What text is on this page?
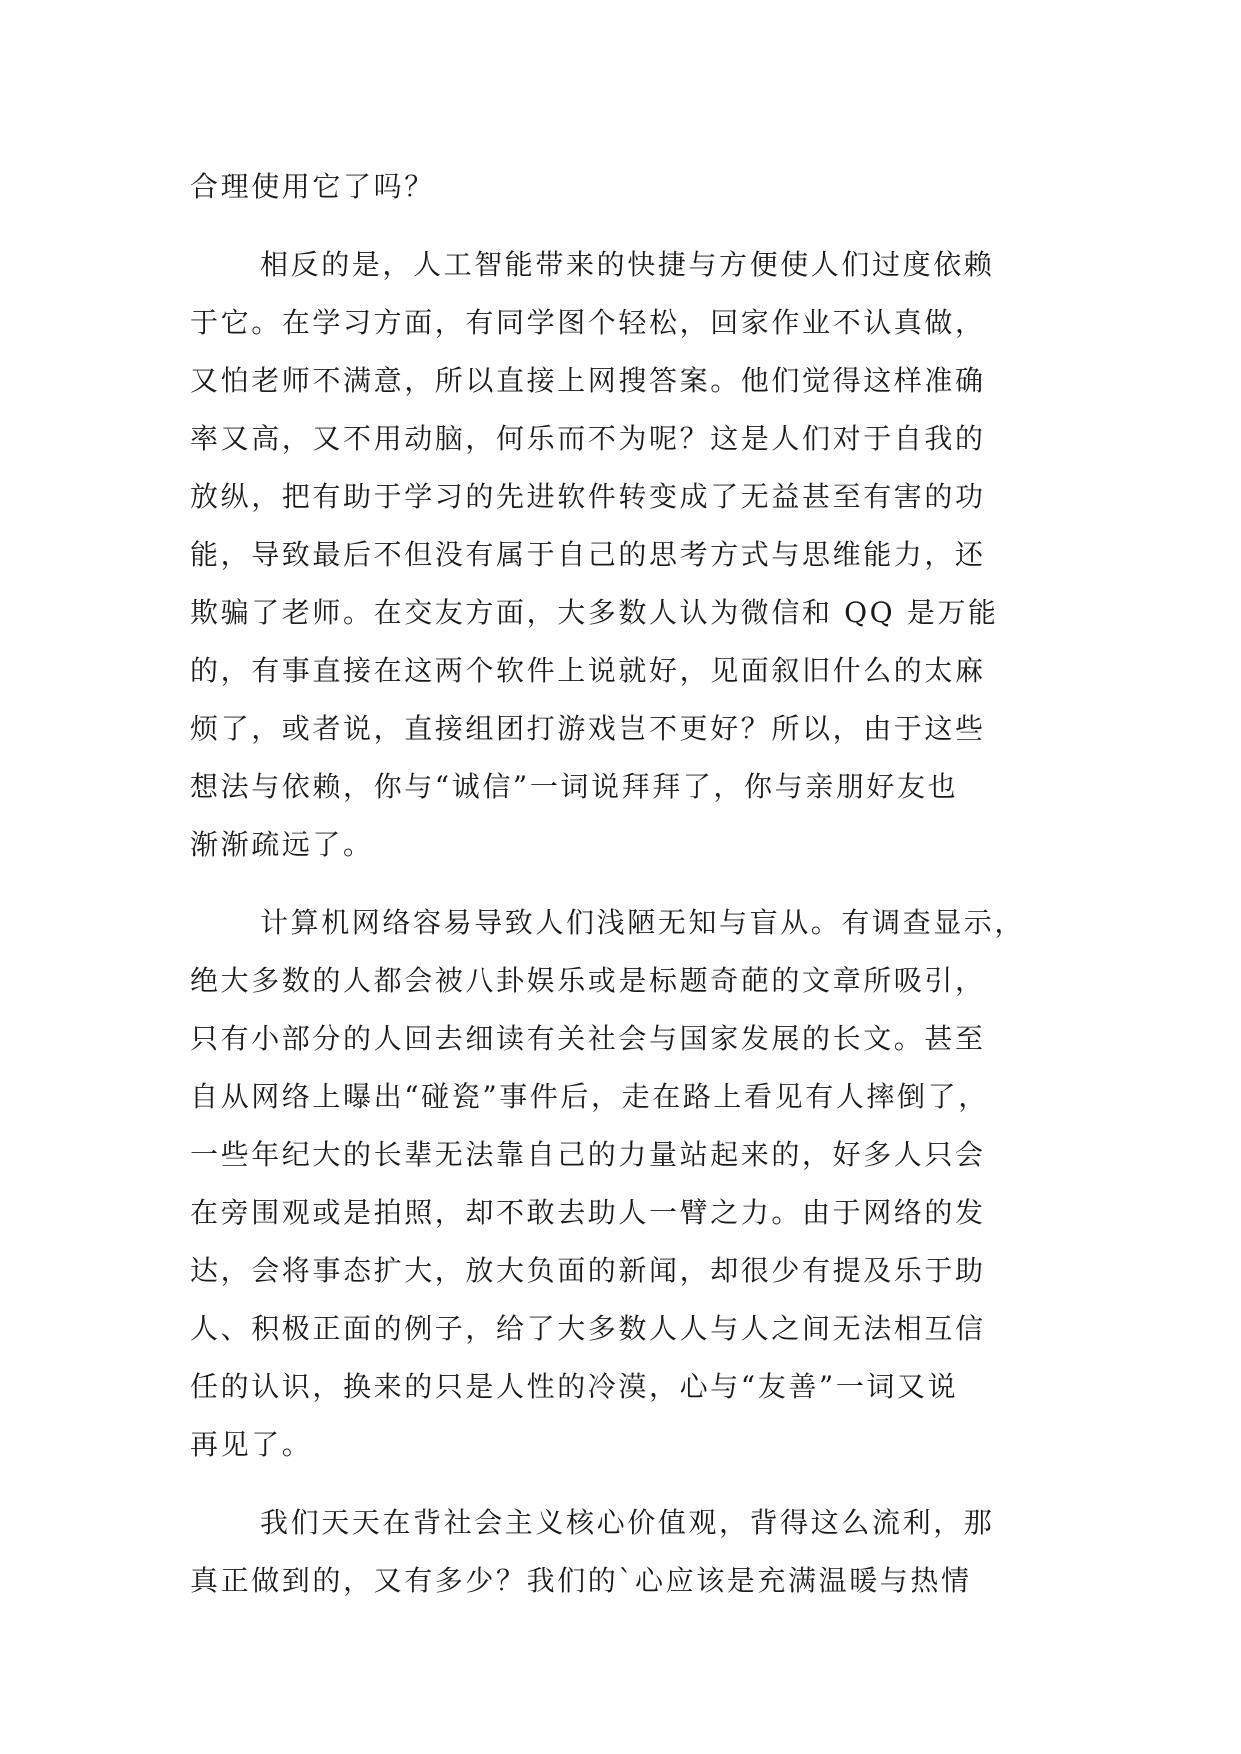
合理使用它了吗？
相反的是，人工智能带来的快捷与方便使人们过度依赖
于它。在学习方面，有同学图个轻松，回家作业不认真做，
又怕老师不满意，所以直接上网搜答案。他们觉得这样准确
率又高，又不用动脑，何乐而不为呢？这是人们对于自我的
放纵，把有助于学习的先进软件转变成了无益甚至有害的功
能，导致最后不但没有属于自己的思考方式与思维能力，还
欺骗了老师。在交友方面，大多数人认为微信和 QQ 是万能
的，有事直接在这两个软件上说就好，见面叙旧什么的太麻
烦了，或者说，直接组团打游戏岂不更好？所以，由于这些
想法与依赖，你与“诚信”一词说拜拜了，你与亲朋好友也
渐渐疏远了。
计算机网络容易导致人们浅陋无知与盲从。有调查显示，
绝大多数的人都会被八卦娱乐或是标题奇葩的文章所吸引，
只有小部分的人回去细读有关社会与国家发展的长文。甚至
自从网络上曝出“碰瓷”事件后，走在路上看见有人摔倒了，
一些年纪大的长辈无法靠自己的力量站起来的，好多人只会
在旁围观或是拍照，却不敢去助人一臂之力。由于网络的发
达，会将事态扩大，放大负面的新闻，却很少有提及乐于助
人、积极正面的例子，给了大多数人人与人之间无法相互信
任的认识，换来的只是人性的冷漠，心与“友善”一词又说
再见了。
我们天天在背社会主义核心价值观，背得这么流利，那
真正做到的，又有多少？我们的`心应该是充满温暖与热情
